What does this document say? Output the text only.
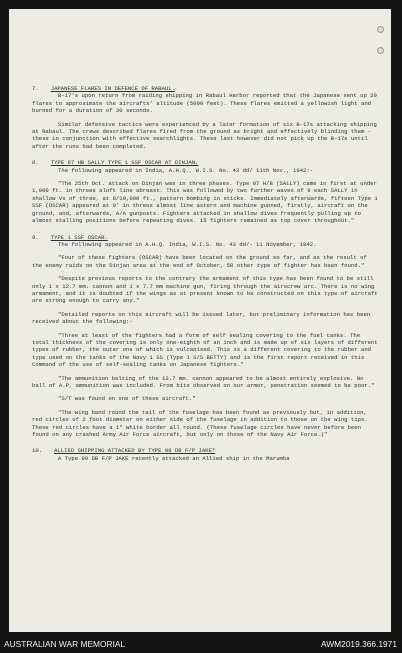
7. JAPANESE FLARES IN DEFENCE OF RABAUL.

B-17's upon return from raiding shipping in Rabaul Harbor reported that the Japanese sent up 20 flares to approximate the aircrafts' altitude (5000 feet). These flares emitted a yellowish light and burned for a duration of 30 seconds.

Similar defensive tactics were experienced by a later formation of six B-17s attacking shipping at Rabaul. The crews described flares fired from the ground as bright and effectively blinding them - these in conjunction with effective searchlights. These last however did not pick up the B-17s until after the runs had been completed.

8. TYPE 97 HB SALLY TYPE 1 SSF OSCAR AT DINJAN.

The following appeared in India, A.H.Q., W.I.S. No. 43 dd/ 11th Nov., 1942:-

"The 25th Oct. attack on Dinjan was in three phases. Type 97 H/B (SALLY) came in first at under 1,000 ft. in threes aloft line abreast. This was followed by two further waves of 9 each SALLY in shallow Vs of three, at 8/10,000 ft., pattern bombing in sticks. Immediately afterwards, fifteen Type 1 SSF (OSCAR) appeared at 0' in threes almost line astern and machine gunned, firstly, aircraft on the ground, and, afterwards, A/A gunposts. Fighters attacked in shallow dives frequently pulling up to almost stalling positions before repeating dives. 15 fighters remained as top cover throughout."

9. TYPE 1 SSF OSCAR.

The following appeared in A.H.Q. India, W.I.S. No. 43 dd/- 11 November, 1942.

"Four of these fighters (OSCAR) have been located on the ground so far, and as the result of the enemy raids on the Dinjan area at the end of October, 50 other type of fighter has been found."

"Despite previous reports to the contrary the armament of this type has been found to be still only 1 x 12.7 mm. cannon and 1 x 7.7 mm machine gun, firing through the airscrew arc. There is no wing armament, and it is doubted if the wings as at present known to be constructed on this type of aircraft are strong enough to carry any."

"Detailed reports on this aircraft will be issued later, but preliminary information has been received about the following:-

"Three at least of the fighters had a form of self sealing covering to the fuel tanks. The total thickness of the covering is only one-eighth of an inch and is made up of six layers of different types of rubber, the outer one of which is vulcanised. This is a different covering to the rubber and type used on the tanks of the Navy 1 SS (Type 1 S/S BETTY) and is the first report received in this Command of the use of self-sealing tanks on Japanese fighters."

"The ammunition belting of the 12.7 mm. cannon appeared to be almost entirely explosive. No ball of A.P. ammunition was included. From bits observed on our armor, penetration seemed to be poor."

"S/T was found on one of these aircraft."

"The wing band round the tail of the fuselage has been found as previously but, in addition, red circles of 2 foot diameter on either side of the fuselage in addition to those on the wing tips. These red circles have a 1" white border all round. (These fuselage circles have never before been found on any crashed Army Air Force aircraft, but only on those of the Navy Air Force.)"

10. ALLIED SHIPPING ATTACKED BY TYPE 99 DB F/P JAKE*

A Type 99 DB F/P JAKE recently attacked an Allied ship in the Marumba

AUSTRALIAN WAR MEMORIAL	AWM2019.366.1971
